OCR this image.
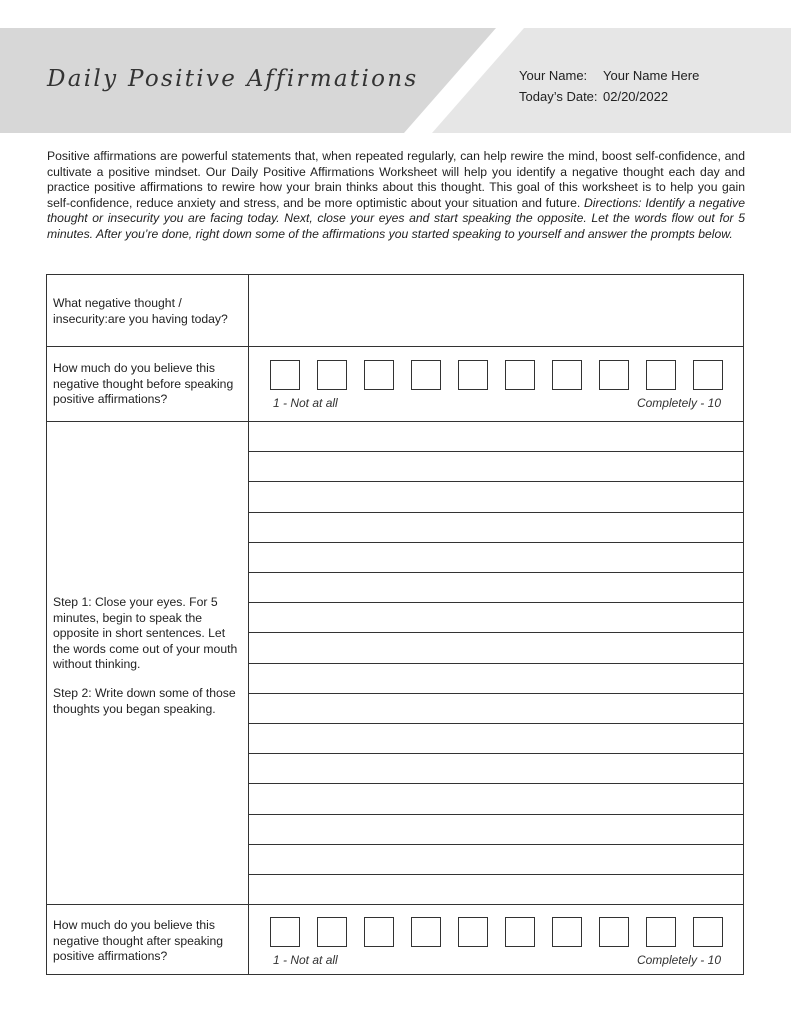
Daily Positive Affirmations	Your Name: Your Name Here
Today’s Date: 02/20/2022

Positive affirmations are powerful statements that, when repeated regularly, can help rewire the mind, boost self-confidence, and cultivate a positive mindset. Our Daily Positive Affirmations Worksheet will help you identify a negative thought each day and practice positive affirmations to rewire how your brain thinks about this thought. This goal of this worksheet is to help you gain self-confidence, reduce anxiety and stress, and be more optimistic about your situation and future. Directions: Identify a negative thought or insecurity you are facing today. Next, close your eyes and start speaking the opposite. Let the words flow out for 5 minutes. After you’re done, right down some of the affirmations you started speaking to yourself and answer the prompts below.

What negative thought / insecurity:are you having today?
How much do you believe this negative thought before speaking positive affirmations?	1 - Not at all	Completely - 10
Step 1: Close your eyes. For 5 minutes, begin to speak the opposite in short sentences. Let the words come out of your mouth without thinking.
Step 2: Write down some of those thoughts you began speaking.
How much do you believe this negative thought after speaking positive affirmations?	1 - Not at all	Completely - 10
